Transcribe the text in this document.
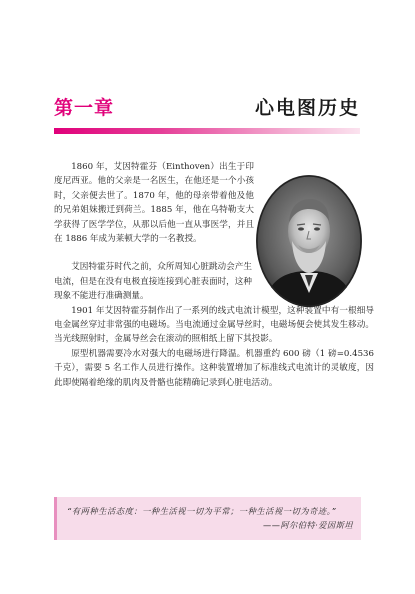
第一章	心电图历史

1860 年，艾因特霍芬（Einthoven）出生于印度尼西亚。他的父亲是一名医生，在他还是一个小孩时，父亲便去世了。1870 年，他的母亲带着他及他的兄弟姐妹搬迁到荷兰。1885 年，他在乌特勒支大学获得了医学学位，从那以后他一直从事医学，并且在 1886 年成为莱顿大学的一名教授。

艾因特霍芬时代之前，众所周知心脏跳动会产生电流，但是在没有电极直接连接到心脏表面时，这种现象不能进行准确测量。
1901 年艾因特霍芬制作出了一系列的线式电流计模型，这种装置中有一根细导电金属丝穿过非常强的电磁场。当电流通过金属导丝时，电磁场便会使其发生移动。当光线照射时，金属导丝会在滚动的照相纸上留下其投影。

原型机器需要冷水对强大的电磁场进行降温。机器重约 600 磅（1 磅=0.4536 千克），需要 5 名工作人员进行操作。这种装置增加了标准线式电流计的灵敏度，因此即使隔着绝缘的肌肉及骨骼也能精确记录到心脏电活动。

“有两种生活态度：一种生活视一切为平常；一种生活视一切为奇迹。”
——阿尔伯特·爱因斯坦
